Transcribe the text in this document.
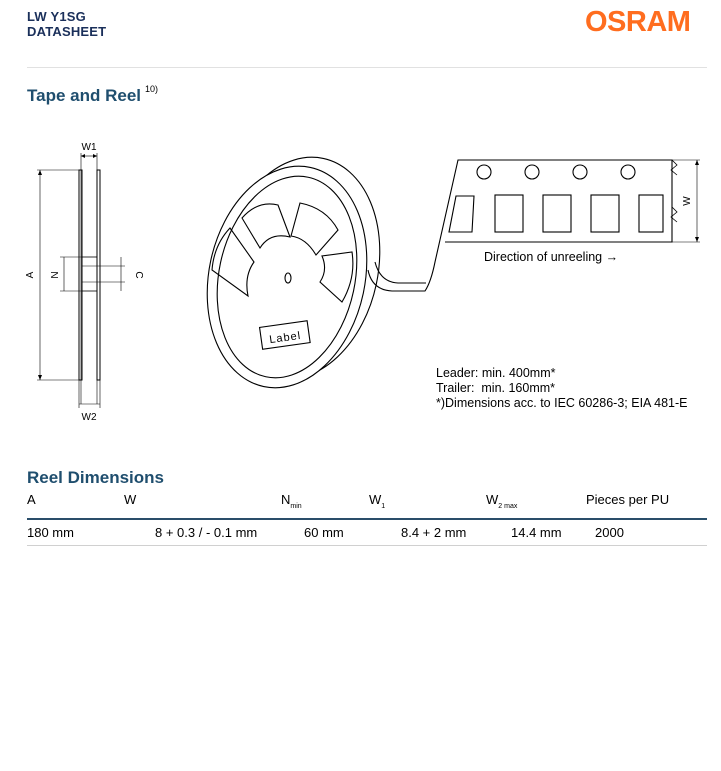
LW Y1SG
DATASHEET	OSRAM
Tape and Reel $^{10)}$
W1
W2
A N	C
W
Label
Direction of unreeling →
Leader: min. 400mm*
Trailer:  min. 160mm*
*)Dimensions acc. to IEC 60286-3; EIA 481-E
Reel Dimensions
A	W	$N_{min}$	$W_1$	$W_{2 max}$	Pieces per PU
180 mm	8 + 0.3 / - 0.1 mm	60 mm	8.4 + 2 mm	14.4 mm	2000
